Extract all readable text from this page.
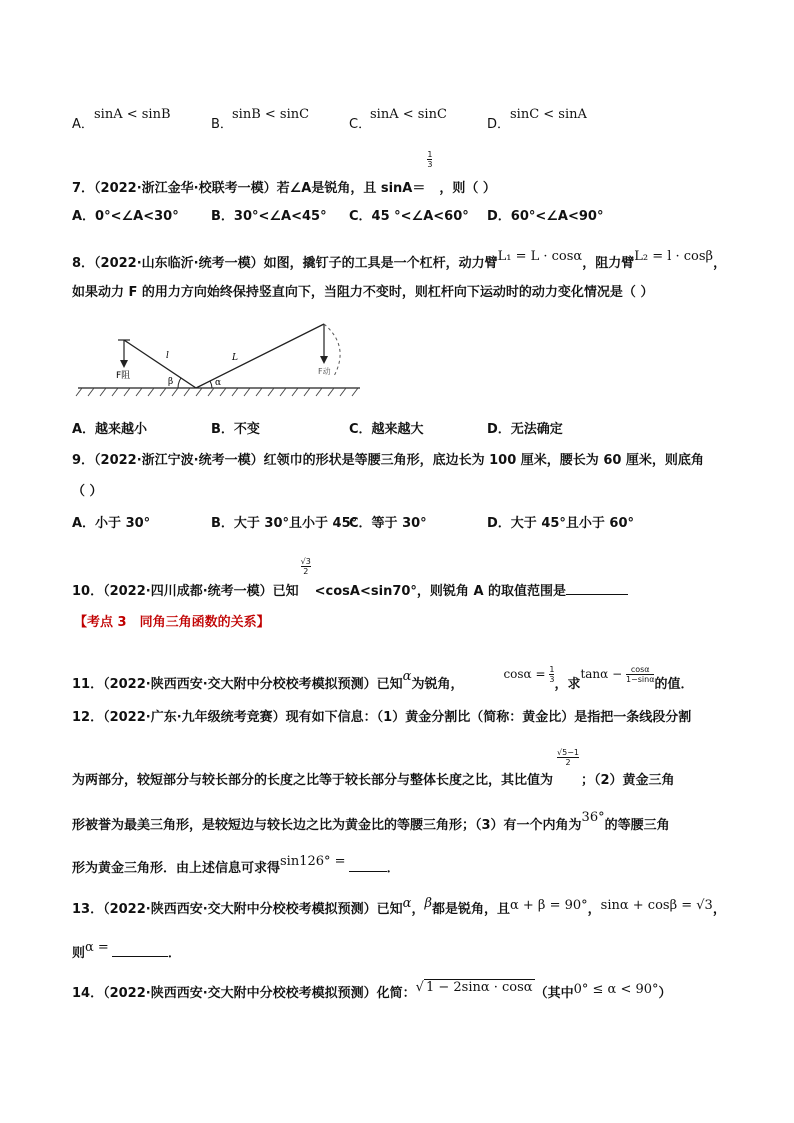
A．
sinA < sinB
B．
sinB < sinC
C．
sinA < sinC
D．
sinC < sinA
7．（2022·浙江金华·校联考一模）若∠A是锐角，且 sinA＝
1
3
，则（ ）
A．0°<∠A<30° B．30°<∠A<45° C．45 °<∠A<60° D．60°<∠A<90°
8．（2022·山东临沂·统考一模）如图，撬钉子的工具是一个杠杆，动力臂L₁ = L · cosα，阻力臂L₂ = l · cosβ，
如果动力 F 的用力方向始终保持竖直向下，当阻力不变时，则杠杆向下运动时的动力变化情况是（ ）
F阻	F动
l	L
β	α
A．越来越小	B．不变	C．越来越大	D．无法确定
9．（2022·浙江宁波·统考一模）红领巾的形状是等腰三角形，底边长为 100 厘米，腰长为 60 厘米，则底角
（ ）
A．小于 30°	B．大于 30°且小于 45°
C．等于 30°	D．大于 45°且小于 60°
10．（2022·四川成都·统考一模）已知
√3
2
<cosA<sin70°，则锐角 A 的取值范围是
【考点 3　同角三角函数的关系】
11．（2022·陕西西安·交大附中分校校考模拟预测）已知α为锐角，$\cos\alpha = \frac{1}{3}$
，求$\tan\alpha - \frac{\cos\alpha}{1-\sin\alpha}$
的值．
12．（2022·广东·九年级统考竞赛）现有如下信息：（1）黄金分割比（简称：黄金比）是指把一条线段分割
为两部分，较短部分与较长部分的长度之比等于较长部分与整体长度之比，其比值为
√5−1
2
；（2）黄金三角
形被誉为最美三角形，是较短边与较长边之比为黄金比的等腰三角形；（3）有一个内角为36°的等腰三角
形为黄金三角形．由上述信息可求得sin126° =	．
13．（2022·陕西西安·交大附中分校校考模拟预测）已知α，β都是锐角，且α + β = 90°，sinα + cosβ = √3，
则α =	．
14．（2022·陕西西安·交大附中分校校考模拟预测）化简：√ 1 − 2sinα · cosα （其中0° ≤ α < 90°）
